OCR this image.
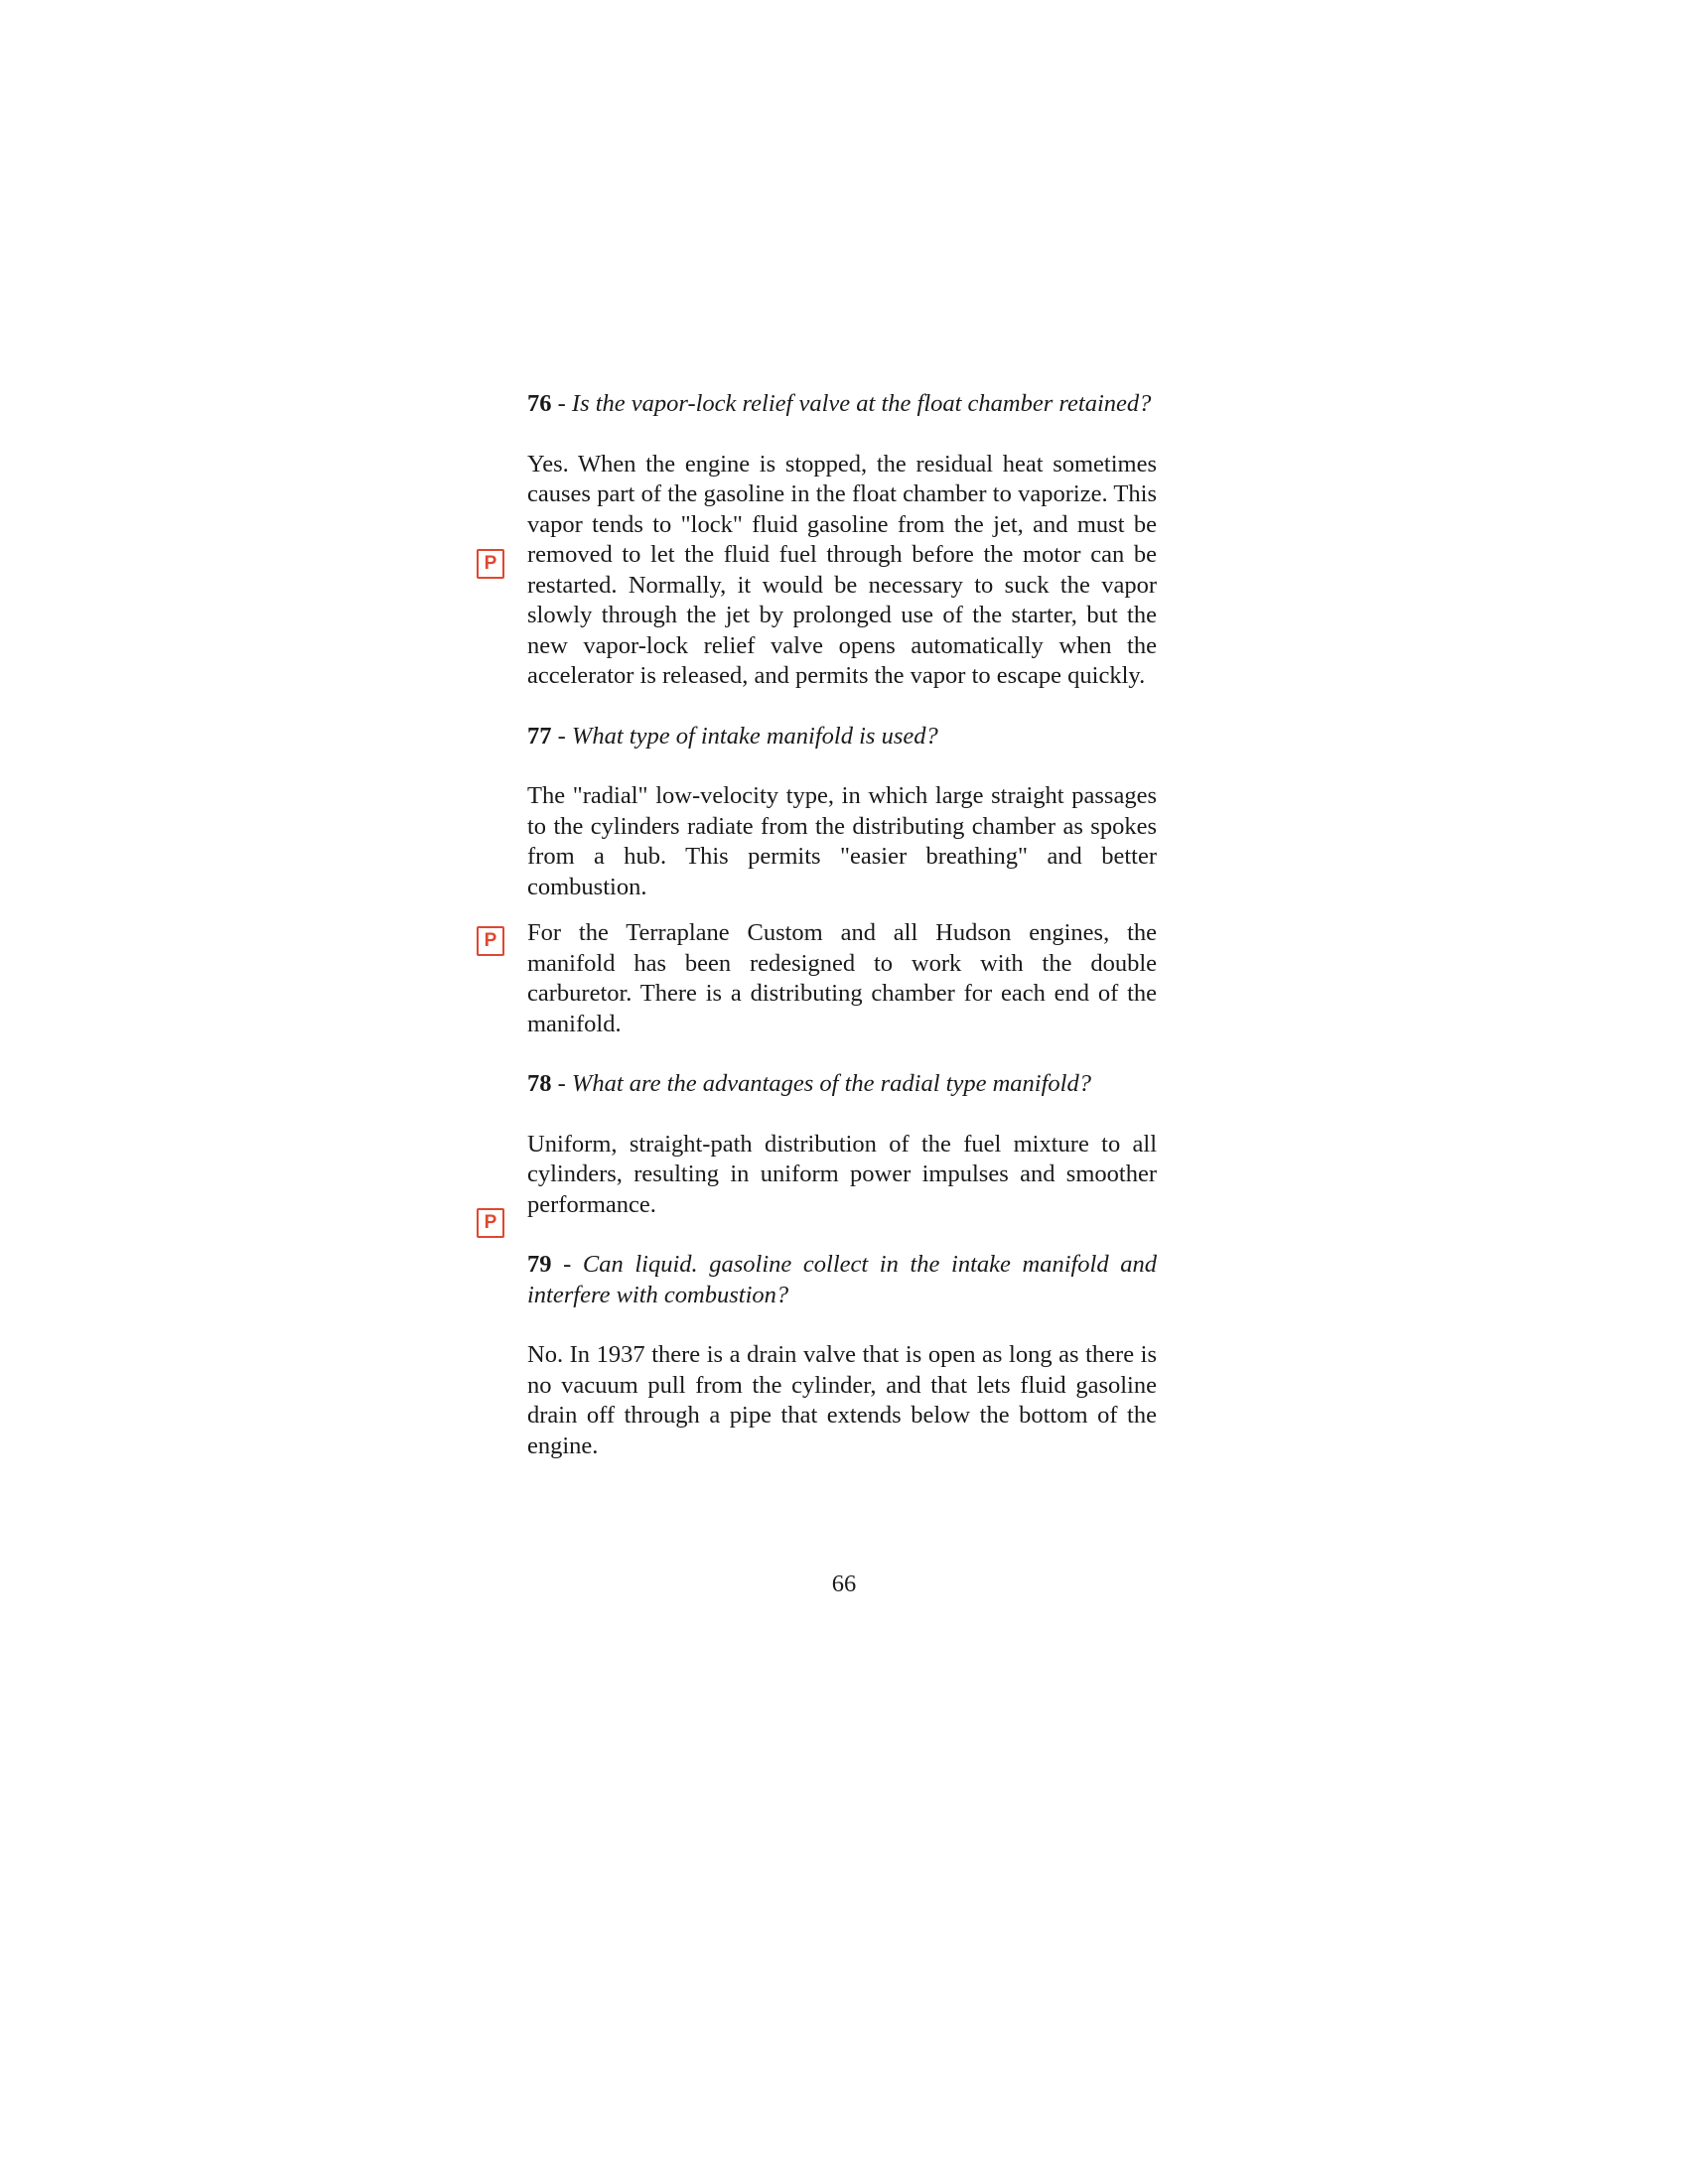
76 - Is the vapor-lock relief valve at the float chamber retained?

Yes. When the engine is stopped, the residual heat sometimes causes part of the gasoline in the float chamber to vaporize. This vapor tends to "lock" fluid gasoline from the jet, and must be removed to let the fluid fuel through before the motor can be restarted. Normally, it would be necessary to suck the vapor slowly through the jet by prolonged use of the starter, but the new vapor-lock relief valve opens automatically when the accelerator is released, and permits the vapor to escape quickly.

77 - What type of intake manifold is used?

The "radial" low-velocity type, in which large straight passages to the cylinders radiate from the distributing chamber as spokes from a hub. This permits "easier breathing" and better combustion.

For the Terraplane Custom and all Hudson engines, the manifold has been redesigned to work with the double carburetor. There is a distributing chamber for each end of the manifold.

78 - What are the advantages of the radial type manifold?

Uniform, straight-path distribution of the fuel mixture to all cylinders, resulting in uniform power impulses and smoother performance.

79 - Can liquid. gasoline collect in the intake manifold and interfere with combustion?

No. In 1937 there is a drain valve that is open as long as there is no vacuum pull from the cylinder, and that lets fluid gasoline drain off through a pipe that extends below the bottom of the engine.

P
P
P
66
